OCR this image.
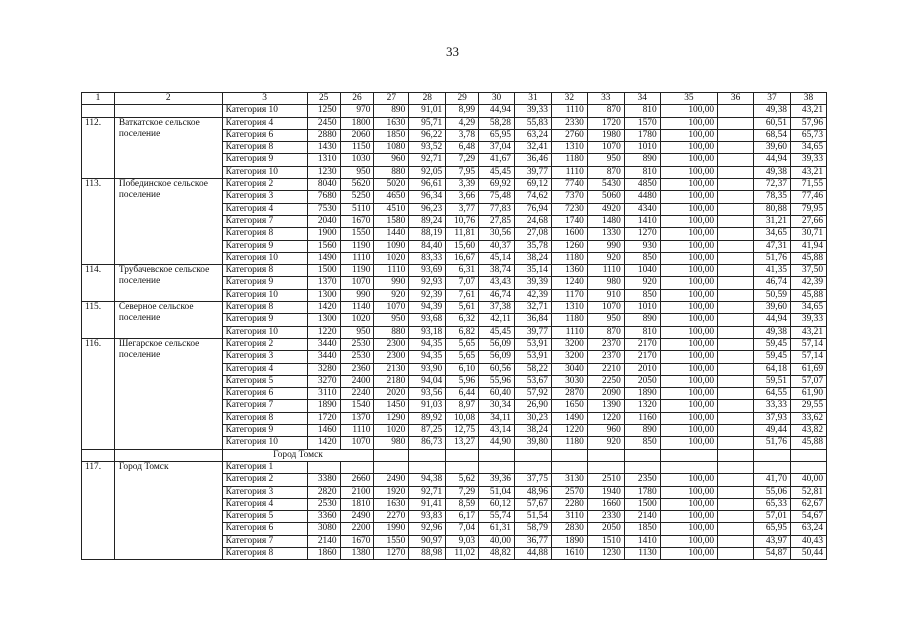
33
1	2	3	25	26	27	28	29	30	31	32	33	34	35	36	37	38
		Категория 10	1250	970	890	91,01	8,99	44,94	39,33	1110	870	810	100,00		49,38	43,21
112.	Ваткатское сельское поселение	Категория 4	2450	1800	1630	95,71	4,29	58,28	55,83	2330	1720	1570	100,00		60,51	57,96
		Категория 6	2880	2060	1850	96,22	3,78	65,95	63,24	2760	1980	1780	100,00		68,54	65,73
		Категория 8	1430	1150	1080	93,52	6,48	37,04	32,41	1310	1070	1010	100,00		39,60	34,65
		Категория 9	1310	1030	960	92,71	7,29	41,67	36,46	1180	950	890	100,00		44,94	39,33
		Категория 10	1230	950	880	92,05	7,95	45,45	39,77	1110	870	810	100,00		49,38	43,21
113.	Побединское сельское поселение	Категория 2	8040	5620	5020	96,61	3,39	69,92	69,12	7740	5430	4850	100,00		72,37	71,55
		Категория 3	7680	5250	4650	96,34	3,66	75,48	74,62	7370	5060	4480	100,00		78,35	77,46
		Категория 4	7530	5110	4510	96,23	3,77	77,83	76,94	7230	4920	4340	100,00		80,88	79,95
		Категория 7	2040	1670	1580	89,24	10,76	27,85	24,68	1740	1480	1410	100,00		31,21	27,66
		Категория 8	1900	1550	1440	88,19	11,81	30,56	27,08	1600	1330	1270	100,00		34,65	30,71
		Категория 9	1560	1190	1090	84,40	15,60	40,37	35,78	1260	990	930	100,00		47,31	41,94
		Категория 10	1490	1110	1020	83,33	16,67	45,14	38,24	1180	920	850	100,00		51,76	45,88
114.	Трубачевское сельское поселение	Категория 8	1500	1190	1110	93,69	6,31	38,74	35,14	1360	1110	1040	100,00		41,35	37,50
		Категория 9	1370	1070	990	92,93	7,07	43,43	39,39	1240	980	920	100,00		46,74	42,39
		Категория 10	1300	990	920	92,39	7,61	46,74	42,39	1170	910	850	100,00		50,59	45,88
115.	Северное сельское поселение	Категория 8	1420	1140	1070	94,39	5,61	37,38	32,71	1310	1070	1010	100,00		39,60	34,65
		Категория 9	1300	1020	950	93,68	6,32	42,11	36,84	1180	950	890	100,00		44,94	39,33
		Категория 10	1220	950	880	93,18	6,82	45,45	39,77	1110	870	810	100,00		49,38	43,21
116.	Шегарское сельское поселение	Категория 2	3440	2530	2300	94,35	5,65	56,09	53,91	3200	2370	2170	100,00		59,45	57,14
		Категория 3	3440	2530	2300	94,35	5,65	56,09	53,91	3200	2370	2170	100,00		59,45	57,14
		Категория 4	3280	2360	2130	93,90	6,10	60,56	58,22	3040	2210	2010	100,00		64,18	61,69
		Категория 5	3270	2400	2180	94,04	5,96	55,96	53,67	3030	2250	2050	100,00		59,51	57,07
		Категория 6	3110	2240	2020	93,56	6,44	60,40	57,92	2870	2090	1890	100,00		64,55	61,90
		Категория 7	1890	1540	1450	91,03	8,97	30,34	26,90	1650	1390	1320	100,00		33,33	29,55
		Категория 8	1720	1370	1290	89,92	10,08	34,11	30,23	1490	1220	1160	100,00		37,93	33,62
		Категория 9	1460	1110	1020	87,25	12,75	43,14	38,24	1220	960	890	100,00		49,44	43,82
		Категория 10	1420	1070	980	86,73	13,27	44,90	39,80	1180	920	850	100,00		51,76	45,88
		Город Томск														
117.	Город Томск	Категория 1														
		Категория 2	3380	2660	2490	94,38	5,62	39,36	37,75	3130	2510	2350	100,00		41,70	40,00
		Категория 3	2820	2100	1920	92,71	7,29	51,04	48,96	2570	1940	1780	100,00		55,06	52,81
		Категория 4	2530	1810	1630	91,41	8,59	60,12	57,67	2280	1660	1500	100,00		65,33	62,67
		Категория 5	3360	2490	2270	93,83	6,17	55,74	51,54	3110	2330	2140	100,00		57,01	54,67
		Категория 6	3080	2200	1990	92,96	7,04	61,31	58,79	2830	2050	1850	100,00		65,95	63,24
		Категория 7	2140	1670	1550	90,97	9,03	40,00	36,77	1890	1510	1410	100,00		43,97	40,43
		Категория 8	1860	1380	1270	88,98	11,02	48,82	44,88	1610	1230	1130	100,00		54,87	50,44
